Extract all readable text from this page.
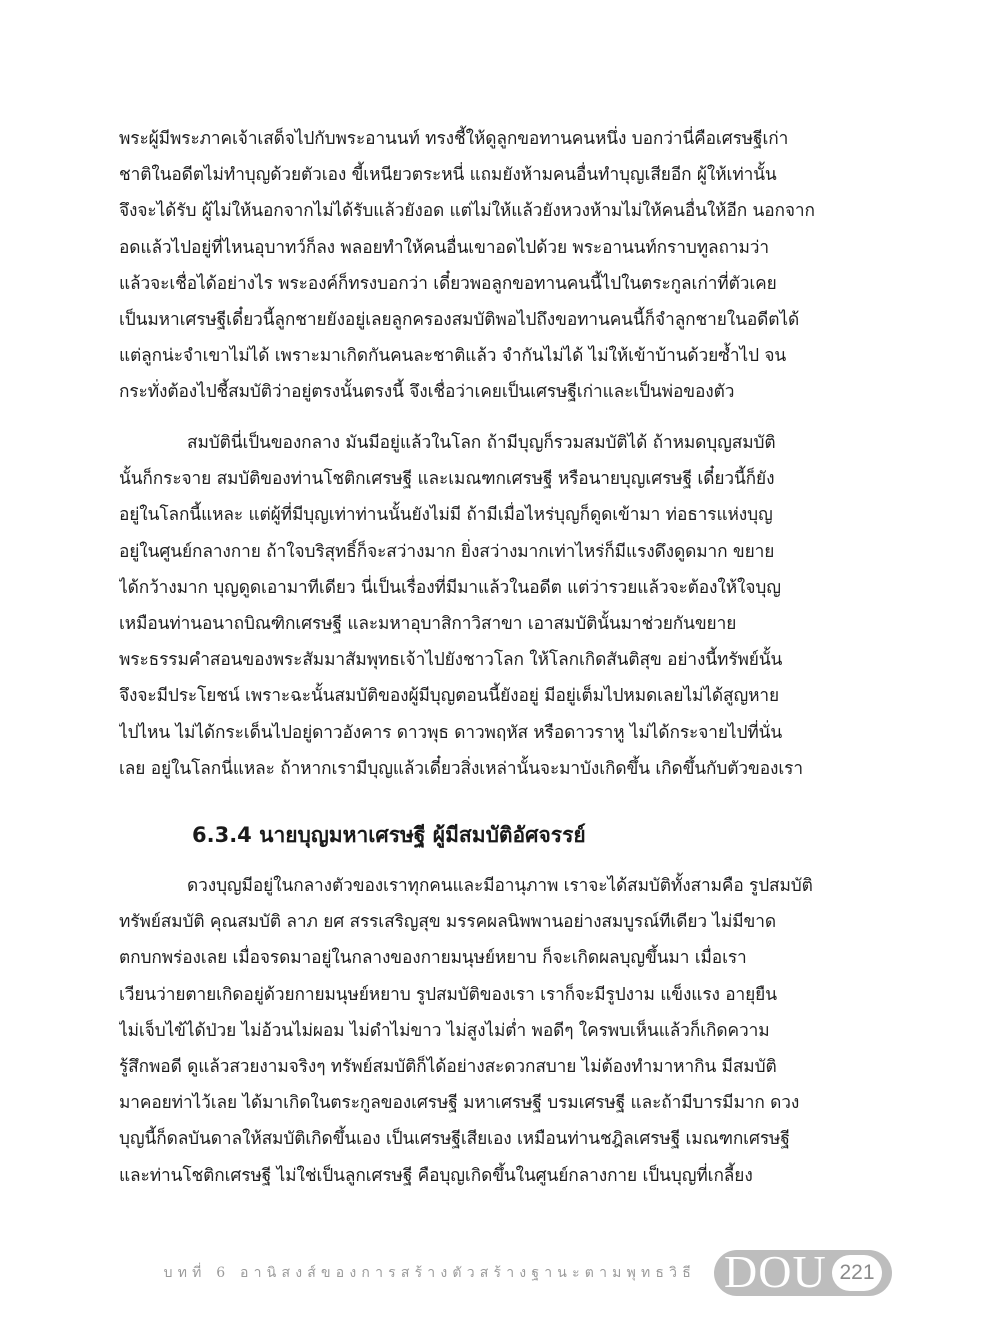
พระผู้มีพระภาคเจ้าเสด็จไปกับพระอานนท์ ทรงชี้ให้ดูลูกขอทานคนหนึ่ง บอกว่านี่คือเศรษฐีเก่า
ชาติในอดีตไม่ทำบุญด้วยตัวเอง ขี้เหนียวตระหนี่ แถมยังห้ามคนอื่นทำบุญเสียอีก ผู้ให้เท่านั้น
จึงจะได้รับ ผู้ไม่ให้นอกจากไม่ได้รับแล้วยังอด แต่ไม่ให้แล้วยังหวงห้ามไม่ให้คนอื่นให้อีก นอกจาก
อดแล้วไปอยู่ที่ไหนอุบาทว์ก็ลง พลอยทำให้คนอื่นเขาอดไปด้วย พระอานนท์กราบทูลถามว่า
แล้วจะเชื่อได้อย่างไร พระองค์ก็ทรงบอกว่า เดี๋ยวพอลูกขอทานคนนี้ไปในตระกูลเก่าที่ตัวเคย
เป็นมหาเศรษฐีเดี๋ยวนี้ลูกชายยังอยู่เลยลูกครองสมบัติพอไปถึงขอทานคนนี้ก็จำลูกชายในอดีตได้
แต่ลูกน่ะจำเขาไม่ได้ เพราะมาเกิดกันคนละชาติแล้ว จำกันไม่ได้ ไม่ให้เข้าบ้านด้วยซ้ำไป จน
กระทั่งต้องไปชี้สมบัติว่าอยู่ตรงนั้นตรงนี้ จึงเชื่อว่าเคยเป็นเศรษฐีเก่าและเป็นพ่อของตัว
สมบัตินี่เป็นของกลาง มันมีอยู่แล้วในโลก ถ้ามีบุญก็รวมสมบัติได้ ถ้าหมดบุญสมบัติ
นั้นก็กระจาย สมบัติของท่านโชติกเศรษฐี และเมณฑกเศรษฐี หรือนายบุญเศรษฐี เดี๋ยวนี้ก็ยัง
อยู่ในโลกนี้แหละ แต่ผู้ที่มีบุญเท่าท่านนั้นยังไม่มี ถ้ามีเมื่อไหร่บุญก็ดูดเข้ามา ท่อธารแห่งบุญ
อยู่ในศูนย์กลางกาย ถ้าใจบริสุทธิ์ก็จะสว่างมาก ยิ่งสว่างมากเท่าไหร่ก็มีแรงดึงดูดมาก ขยาย
ได้กว้างมาก บุญดูดเอามาทีเดียว นี่เป็นเรื่องที่มีมาแล้วในอดีต แต่ว่ารวยแล้วจะต้องให้ใจบุญ
เหมือนท่านอนาถบิณฑิกเศรษฐี และมหาอุบาสิกาวิสาขา เอาสมบัตินั้นมาช่วยกันขยาย
พระธรรมคำสอนของพระสัมมาสัมพุทธเจ้าไปยังชาวโลก ให้โลกเกิดสันติสุข อย่างนี้ทรัพย์นั้น
จึงจะมีประโยชน์ เพราะฉะนั้นสมบัติของผู้มีบุญตอนนี้ยังอยู่ มีอยู่เต็มไปหมดเลยไม่ได้สูญหาย
ไปไหน ไม่ได้กระเด็นไปอยู่ดาวอังคาร ดาวพุธ ดาวพฤหัส หรือดาวราหู ไม่ได้กระจายไปที่นั่น
เลย อยู่ในโลกนี่แหละ ถ้าหากเรามีบุญแล้วเดี๋ยวสิ่งเหล่านั้นจะมาบังเกิดขึ้น เกิดขึ้นกับตัวของเรา
6.3.4 นายบุญมหาเศรษฐี ผู้มีสมบัติอัศจรรย์
ดวงบุญมีอยู่ในกลางตัวของเราทุกคนและมีอานุภาพ เราจะได้สมบัติทั้งสามคือ รูปสมบัติ
ทรัพย์สมบัติ คุณสมบัติ ลาภ ยศ สรรเสริญสุข มรรคผลนิพพานอย่างสมบูรณ์ทีเดียว ไม่มีขาด
ตกบกพร่องเลย เมื่อจรดมาอยู่ในกลางของกายมนุษย์หยาบ ก็จะเกิดผลบุญขึ้นมา เมื่อเรา
เวียนว่ายตายเกิดอยู่ด้วยกายมนุษย์หยาบ รูปสมบัติของเรา เราก็จะมีรูปงาม แข็งแรง อายุยืน
ไม่เจ็บไข้ได้ป่วย ไม่อ้วนไม่ผอม ไม่ดำไม่ขาว ไม่สูงไม่ต่ำ พอดีๆ ใครพบเห็นแล้วก็เกิดความ
รู้สึกพอดี ดูแล้วสวยงามจริงๆ ทรัพย์สมบัติก็ได้อย่างสะดวกสบาย ไม่ต้องทำมาหากิน มีสมบัติ
มาคอยท่าไว้เลย ได้มาเกิดในตระกูลของเศรษฐี มหาเศรษฐี บรมเศรษฐี และถ้ามีบารมีมาก ดวง
บุญนี้ก็ดลบันดาลให้สมบัติเกิดขึ้นเอง เป็นเศรษฐีเสียเอง เหมือนท่านชฎิลเศรษฐี เมณฑกเศรษฐี
และท่านโชติกเศรษฐี ไม่ใช่เป็นลูกเศรษฐี คือบุญเกิดขึ้นในศูนย์กลางกาย เป็นบุญที่เกลี้ยง
บทที่ 6 อานิสงส์ของการสร้างตัวสร้างฐานะตามพุทธวิธี DOU 221
